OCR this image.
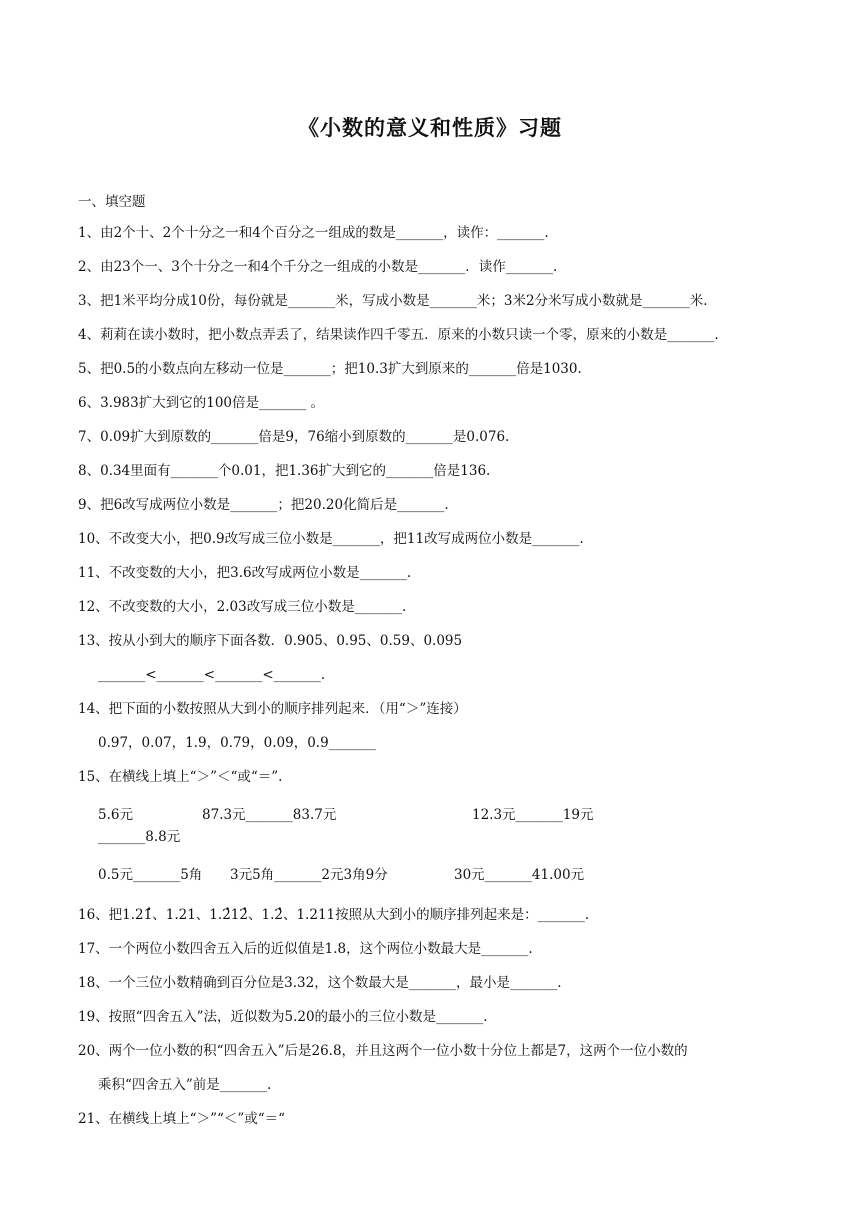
《小数的意义和性质》习题
一、填空题

1、由2个十、2个十分之一和4个百分之一组成的数是_______，读作：_______.

2、由23个一、3个十分之一和4个千分之一组成的小数是_______．读作_______.

3、把1米平均分成10份，每份就是_______米，写成小数是_______米；3米2分米写成小数就是_______米.

4、莉莉在读小数时，把小数点弄丢了，结果读作四千零五．原来的小数只读一个零，原来的小数是_______.

5、把0.5的小数点向左移动一位是_______；把10.3扩大到原来的_______倍是1030.

6、3.983扩大到它的100倍是_______ 。

7、0.09扩大到原数的_______倍是9，76缩小到原数的_______是0.076.

8、0.34里面有_______个0.01，把1.36扩大到它的_______倍是136.

9、把6改写成两位小数是_______；把20.20化简后是_______.

10、不改变大小，把0.9改写成三位小数是_______，把11改写成两位小数是_______.

11、不改变数的大小，把3.6改写成两位小数是_______.

12、不改变数的大小，2.03改写成三位小数是_______.

13、按从小到大的顺序下面各数．0.905、0.95、0.59、0.095

_______<_______<_______<_______.

14、把下面的小数按照从大到小的顺序排列起来．（用“＞”连接）

0.97，0.07，1.9，0.79，0.09，0.9_______

15、在横线上填上“＞”＜“或“＝”.

5.6元_______8.8元
87.3元_______83.7元	12.3元_______19元
0.5元_______5角	3元5角_______2元3角9分	30元_______41.00元

16、把1.2. 1、1.21、1.. 21. 2、1.. 2、1.211按照从大到小的顺序排列起来是：_______.

17、一个两位小数四舍五入后的近似值是1.8，这个两位小数最大是_______.

18、一个三位小数精确到百分位是3.32，这个数最大是_______，最小是_______.

19、按照“四舍五入”法，近似数为5.20的最小的三位小数是_______.

20、两个一位小数的积“四舍五入”后是26.8，并且这两个一位小数十分位上都是7，这两个一位小数的

乘积“四舍五入”前是_______.

21、在横线上填上“＞”“＜”或“＝“
